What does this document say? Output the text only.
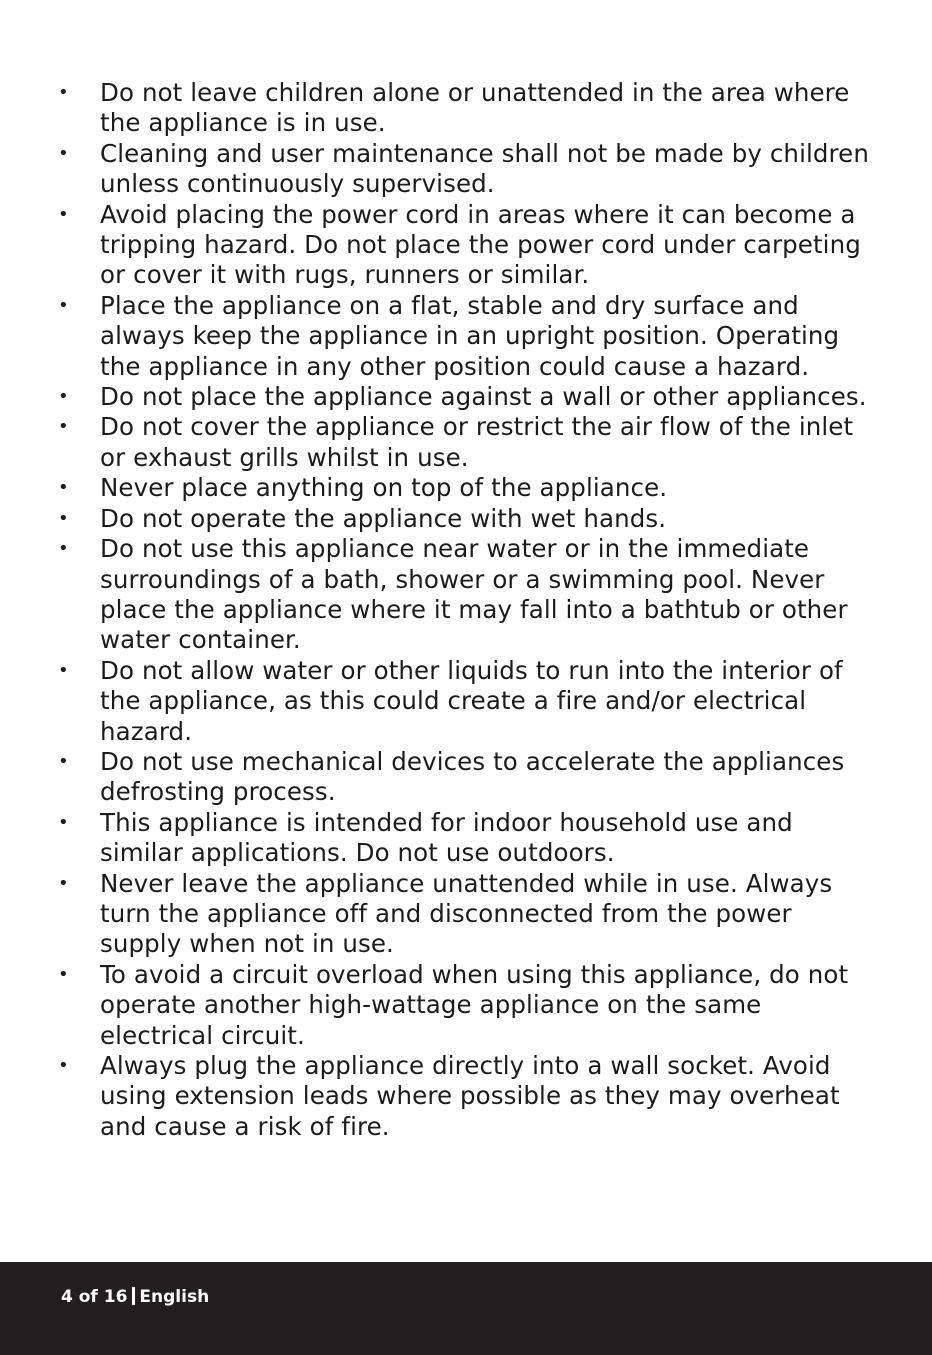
• Do not leave children alone or unattended in the area where the appliance is in use.
• Cleaning and user maintenance shall not be made by children unless continuously supervised.
• Avoid placing the power cord in areas where it can become a tripping hazard. Do not place the power cord under carpeting or cover it with rugs, runners or similar.
• Place the appliance on a flat, stable and dry surface and always keep the appliance in an upright position. Operating the appliance in any other position could cause a hazard.
• Do not place the appliance against a wall or other appliances.
• Do not cover the appliance or restrict the air flow of the inlet or exhaust grills whilst in use.
• Never place anything on top of the appliance.
• Do not operate the appliance with wet hands.
• Do not use this appliance near water or in the immediate surroundings of a bath, shower or a swimming pool. Never place the appliance where it may fall into a bathtub or other water container.
• Do not allow water or other liquids to run into the interior of the appliance, as this could create a fire and/or electrical hazard.
• Do not use mechanical devices to accelerate the appliances defrosting process.
• This appliance is intended for indoor household use and similar applications. Do not use outdoors.
• Never leave the appliance unattended while in use. Always turn the appliance off and disconnected from the power supply when not in use.
• To avoid a circuit overload when using this appliance, do not operate another high-wattage appliance on the same electrical circuit.
• Always plug the appliance directly into a wall socket. Avoid using extension leads where possible as they may overheat and cause a risk of fire.
4 of 16 English
